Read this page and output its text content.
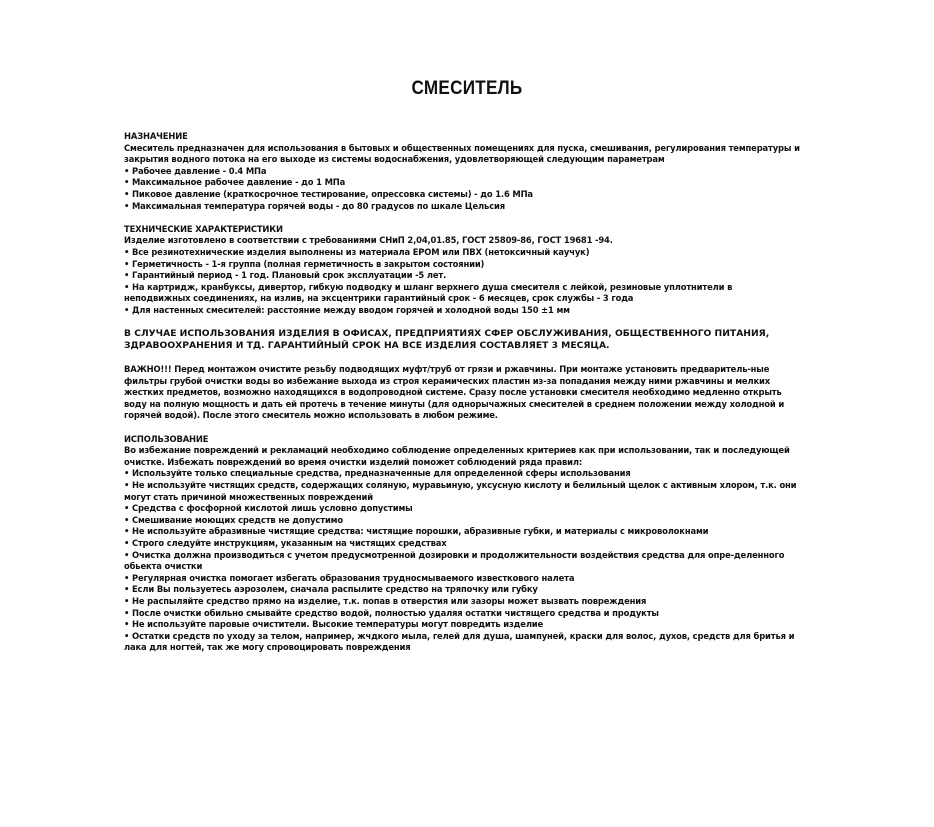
СМЕСИТЕЛЬ

НАЗНАЧЕНИЕ

Смеситель предназначен для использования в бытовых и общественных помещениях для пуска, смешивания, регулирования температуры и закрытия водного потока на его выходе из системы водоснабжения, удовлетворяющей следующим параметрам

• Рабочее давление - 0.4 МПа

• Максимальное рабочее давление - до 1 МПа

• Пиковое давление (краткосрочное тестирование, опрессовка системы) - до 1.6 МПа

• Максимальная температура горячей воды - до 80 градусов по шкале Цельсия

ТЕХНИЧЕСКИЕ ХАРАКТЕРИСТИКИ

Изделие изготовлено в соответствии с требованиями СНиП 2,04,01.85, ГОСТ 25809-86, ГОСТ 19681 -94.

• Все резинотехнические изделия выполнены из материала EPOM или ПВХ (нетоксичный каучук)

• Герметичность - 1-я группа (полная герметичность в закрытом состоянии)

• Гарантийный период - 1 год. Плановый срок эксплуатации -5 лет.

• На картридж, кранбуксы, дивертор, гибкую подводку и шланг верхнего душа смесителя с лейкой, резиновые уплотнители в неподвижных соединениях, на излив, на эксцентрики гарантийный срок - 6 месяцев, срок службы - 3 года

• Для настенных смесителей: расстояние между вводом горячей и холодной воды 150 ±1 мм

В СЛУЧАЕ ИСПОЛЬЗОВАНИЯ ИЗДЕЛИЯ В ОФИСАХ, ПРЕДПРИЯТИЯХ СФЕР ОБСЛУЖИВАНИЯ, ОБЩЕСТВЕННОГО ПИТАНИЯ, ЗДРАВООХРАНЕНИЯ И ТД. ГАРАНТИЙНЫЙ СРОК НА ВСЕ ИЗДЕЛИЯ СОСТАВЛЯЕТ 3 МЕСЯЦА.

ВАЖНО!!! Перед монтажом очистите резьбу подводящих муфт/труб от грязи и ржавчины. При монтаже установить предваритель-ные фильтры грубой очистки воды во избежание выхода из строя керамических пластин из-за попадания между ними ржавчины и мелких жестких предметов, возможно находящихся в водопроводной системе. Сразу после установки смесителя необходимо медленно открыть воду на полную мощность и дать ей протечь в течение минуты (для однорычажных смесителей в среднем положении между холодной и горячей водой). После этого смеситель можно использовать в любом режиме.

ИСПОЛЬЗОВАНИЕ

Во избежание повреждений и рекламаций необходимо соблюдение определенных критериев как при использовании, так и последующей очистке. Избежать повреждений во время очистки изделий поможет соблюдений ряда правил:

• Используйте только специальные средства, предназначенные для определенной сферы использования

• Не используйте чистящих средств, содержащих соляную, муравьиную, уксусную кислоту и белильный щелок с активным хлором, т.к. они могут стать причиной множественных повреждений

• Средства с фосфорной кислотой лишь условно допустимы

• Смешивание моющих средств не допустимо

• Не используйте абразивные чистящие средства: чистящие порошки, абразивные губки, и материалы с микроволокнами

• Строго следуйте инструкциям, указанным на чистящих средствах

• Очистка должна производиться с учетом предусмотренной дозировки и продолжительности воздействия средства для опре-деленного обьекта очистки

• Регулярная очистка помогает избегать образования трудносмываемого известкового налета

• Если Вы пользуетесь аэрозолем, сначала распылите средство на тряпочку или губку

• Не распыляйте средство прямо на изделие, т.к. попав в отверстия или зазоры может вызвать повреждения

• После очистки обильно смывайте средство водой, полностью удаляя остатки чистящего средства и продукты

• Не используйте паровые очистители. Высокие температуры могут повредить изделие

• Остатки средств по уходу за телом, например, жчдкого мыла, гелей для душа, шампуней, краски для волос, духов, средств для бритья и лака для ногтей, так же могу спровоцировать повреждения
